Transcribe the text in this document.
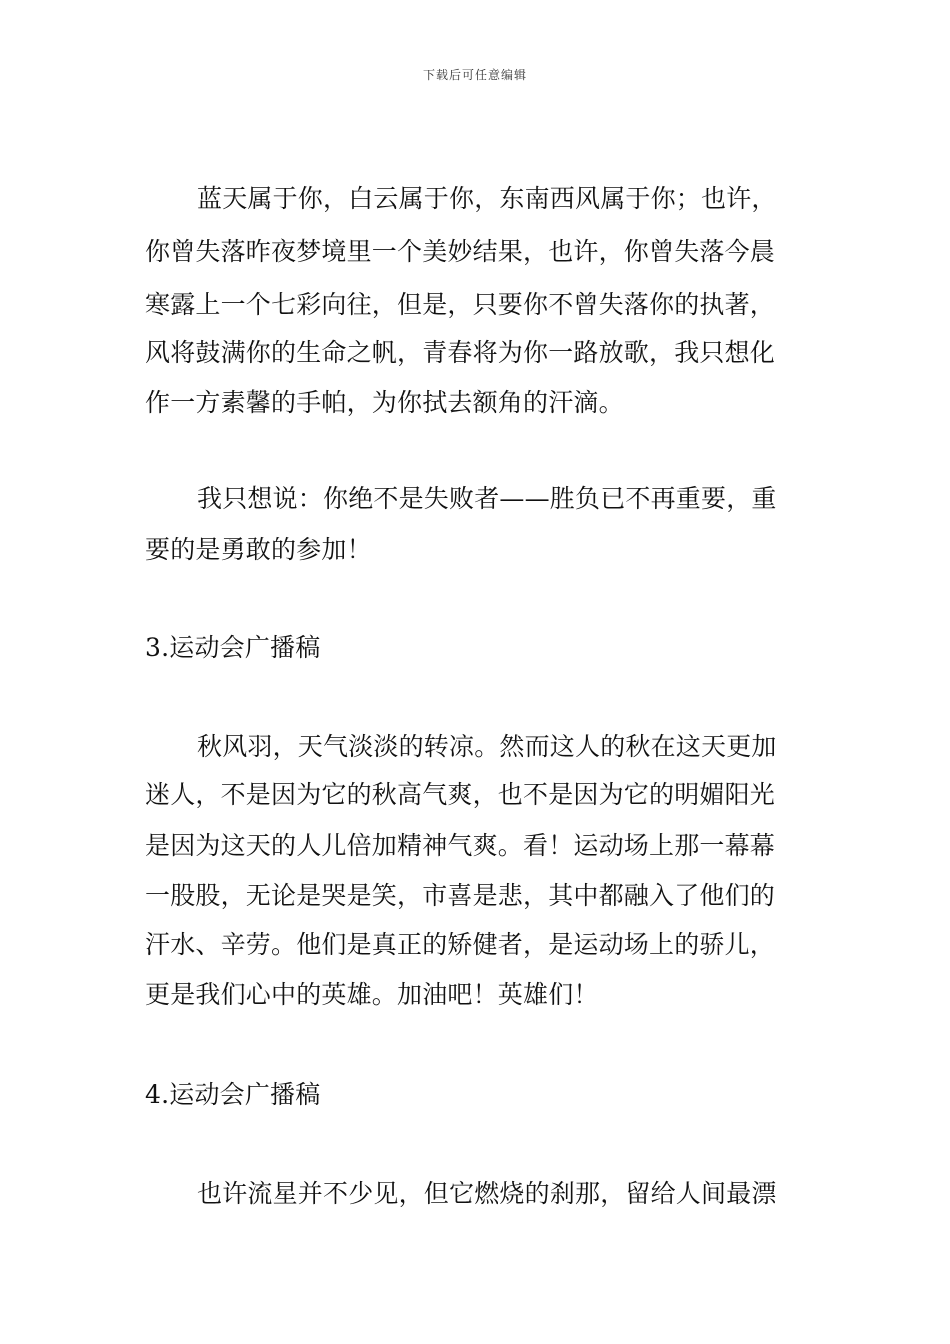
下载后可任意编辑
蓝天属于你，白云属于你，东南西风属于你；也许，
你曾失落昨夜梦境里一个美妙结果，也许，你曾失落今晨
寒露上一个七彩向往，但是，只要你不曾失落你的执著，
风将鼓满你的生命之帆，青春将为你一路放歌，我只想化
作一方素馨的手帕，为你拭去额角的汗滴。
我只想说：你绝不是失败者——胜负已不再重要，重
要的是勇敢的参加！
3.运动会广播稿
秋风羽，天气淡淡的转凉。然而这人的秋在这天更加
迷人，不是因为它的秋高气爽，也不是因为它的明媚阳光
是因为这天的人儿倍加精神气爽。看！运动场上那一幕幕
一股股，无论是哭是笑，市喜是悲，其中都融入了他们的
汗水、辛劳。他们是真正的矫健者，是运动场上的骄儿，
更是我们心中的英雄。加油吧！英雄们！
4.运动会广播稿
也许流星并不少见，但它燃烧的刹那，留给人间最漂
